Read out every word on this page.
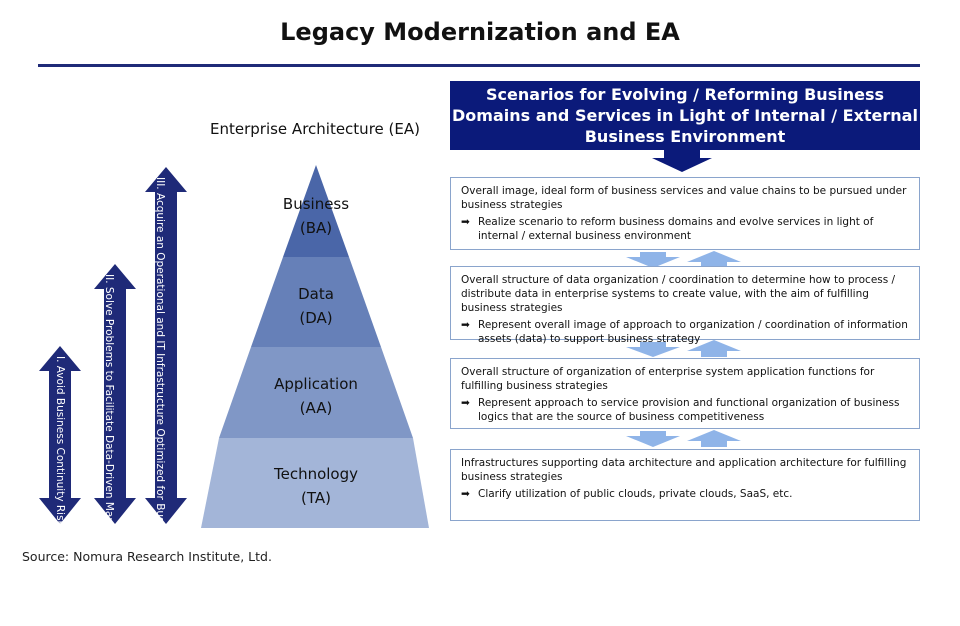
Legacy Modernization and EA
Enterprise Architecture (EA)
Scenarios for Evolving / Reforming Business Domains and Services in Light of Internal / External Business Environment
Business
(BA)
Data
(DA)
Application
(AA)
Technology
(TA)
I. Avoid Business Continuity Risks	II. Solve Problems to Facilitate Data-Driven Management	III. Acquire an Operational and IT Infrastructure Optimized for Business Enhancement	Overall image, ideal form of business services and value chains to be pursued under business strategies
➡ Realize scenario to reform business domains and evolve services in light of internal / external business environment
Overall structure of data organization / coordination to determine how to process / distribute data in enterprise systems to create value, with the aim of fulfilling business strategies
➡ Represent overall image of approach to organization / coordination of information assets (data) to support business strategy
Overall structure of organization of enterprise system application functions for fulfilling business strategies
➡ Represent approach to service provision and functional organization of business logics that are the source of business competitiveness
Infrastructures supporting data architecture and application architecture for fulfilling business strategies
➡ Clarify utilization of public clouds, private clouds, SaaS, etc.
Source: Nomura Research Institute, Ltd.
